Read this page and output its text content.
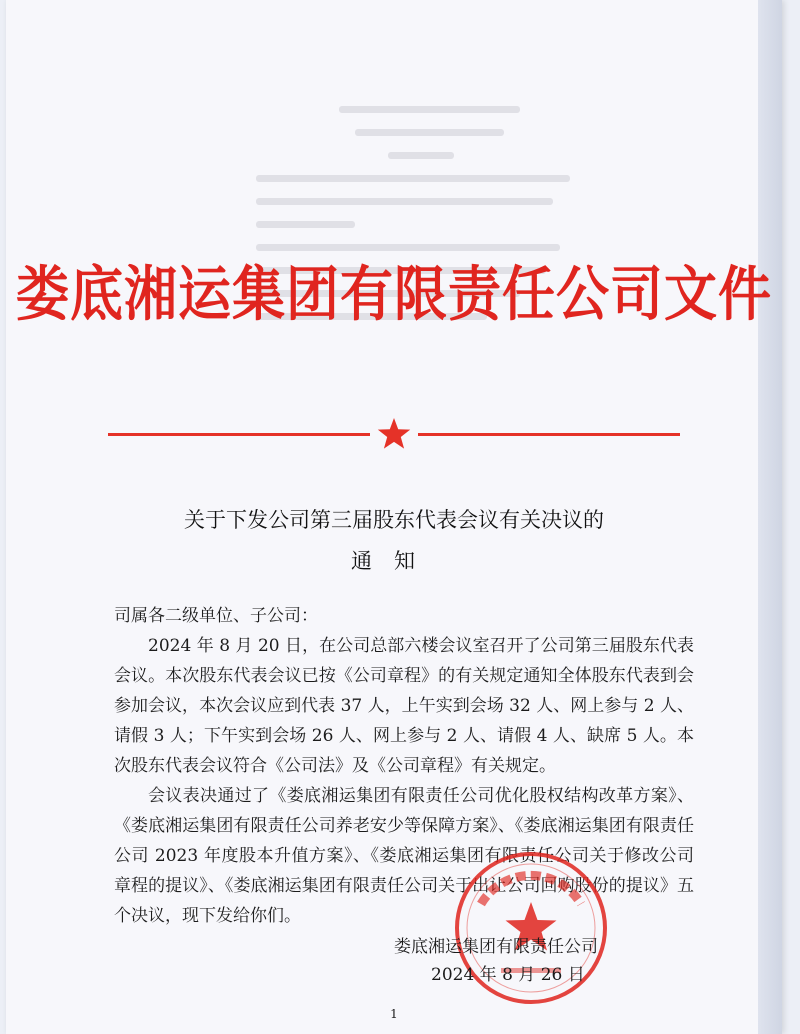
娄底湘运集团有限责任公司文件
关于下发公司第三届股东代表会议有关决议的
通知
司属各二级单位、子公司：
2024 年 8 月 20 日，在公司总部六楼会议室召开了公司第三届股东代表会议。本次股东代表会议已按《公司章程》的有关规定通知全体股东代表到会参加会议，本次会议应到代表 37 人，上午实到会场 32 人、网上参与 2 人、请假 3 人；下午实到会场 26 人、网上参与 2 人、请假 4 人、缺席 5 人。本次股东代表会议符合《公司法》及《公司章程》有关规定。
会议表决通过了《娄底湘运集团有限责任公司优化股权结构改革方案》、《娄底湘运集团有限责任公司养老安少等保障方案》、《娄底湘运集团有限责任公司 2023 年度股本升值方案》、《娄底湘运集团有限责任公司关于修改公司章程的提议》、《娄底湘运集团有限责任公司关于出让公司回购股份的提议》五个决议，现下发给你们。
娄底湘运集团有限责任公司
2024 年 8 月 26 日
1
